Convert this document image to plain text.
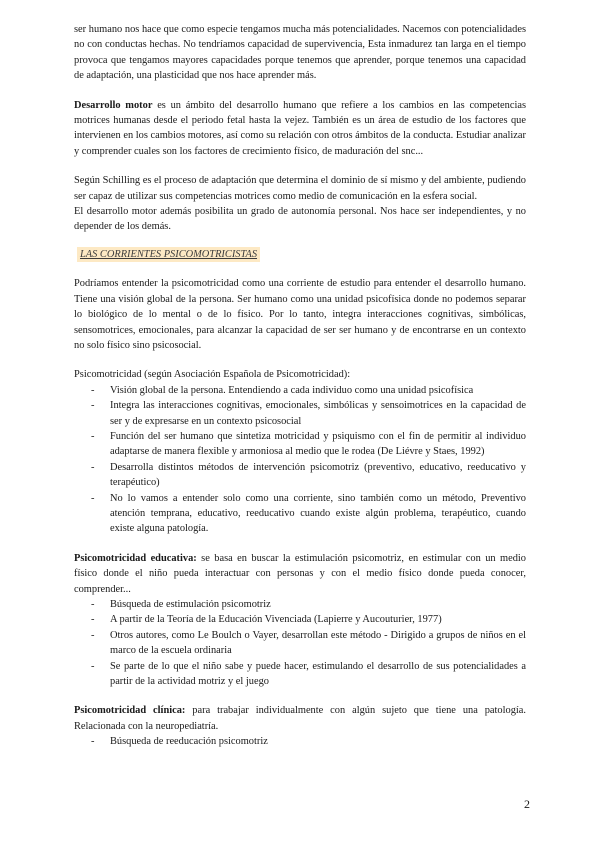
ser humano nos hace que como especie tengamos mucha más potencialidades. Nacemos con potencialidades no con conductas hechas. No tendríamos capacidad de supervivencia, Esta inmadurez tan larga en el tiempo provoca que tengamos mayores capacidades porque tenemos que aprender, porque tenemos una capacidad de adaptación, una plasticidad que nos hace aprender más.

Desarrollo motor es un ámbito del desarrollo humano que refiere a los cambios en las competencias motrices humanas desde el periodo fetal hasta la vejez. También es un área de estudio de los factores que intervienen en los cambios motores, así como su relación con otros ámbitos de la conducta. Estudiar analizar y comprender cuales son los factores de crecimiento físico, de maduración del snc...

Según Schilling es el proceso de adaptación que determina el dominio de sí mismo y del ambiente, pudiendo ser capaz de utilizar sus competencias motrices como medio de comunicación en la esfera social.

El desarrollo motor además posibilita un grado de autonomía personal. Nos hace ser independientes, y no depender de los demás.

LAS CORRIENTES PSICOMOTRICISTAS

Podríamos entender la psicomotricidad como una corriente de estudio para entender el desarrollo humano. Tiene una visión global de la persona. Ser humano como una unidad psicofísica donde no podemos separar lo biológico de lo mental o de lo físico. Por lo tanto, integra interacciones cognitivas, simbólicas, sensomotrices, emocionales, para alcanzar la capacidad de ser ser humano y de encontrarse en un contexto no solo físico sino psicosocial.

Psicomotricidad (según Asociación Española de Psicomotricidad):

- Visión global de la persona. Entendiendo a cada individuo como una unidad psicofísica
- Integra las interacciones cognitivas, emocionales, simbólicas y sensoimotrices en la capacidad de ser y de expresarse en un contexto psicosocial
- Función del ser humano que sintetiza motricidad y psiquismo con el fin de permitir al individuo adaptarse de manera flexible y armoniosa al medio que le rodea (De Liévre y Staes, 1992)
- Desarrolla distintos métodos de intervención psicomotriz (preventivo, educativo, reeducativo y terapéutico)
- No lo vamos a entender solo como una corriente, sino también como un método, Preventivo atención temprana, educativo, reeducativo cuando existe algún problema, terapéutico, cuando existe alguna patología.

Psicomotricidad educativa: se basa en buscar la estimulación psicomotriz, en estimular con un medio físico donde el niño pueda interactuar con personas y con el medio físico donde pueda conocer, comprender...

- Búsqueda de estimulación psicomotriz
- A partir de la Teoría de la Educación Vivenciada (Lapierre y Aucouturier, 1977)
- Otros autores, como Le Boulch o Vayer, desarrollan este método - Dirigido a grupos de niños en el marco de la escuela ordinaria
- Se parte de lo que el niño sabe y puede hacer, estimulando el desarrollo de sus potencialidades a partir de la actividad motriz y el juego

Psicomotricidad clínica: para trabajar individualmente con algún sujeto que tiene una patología. Relacionada con la neuropediatría.

- Búsqueda de reeducación psicomotriz
2
